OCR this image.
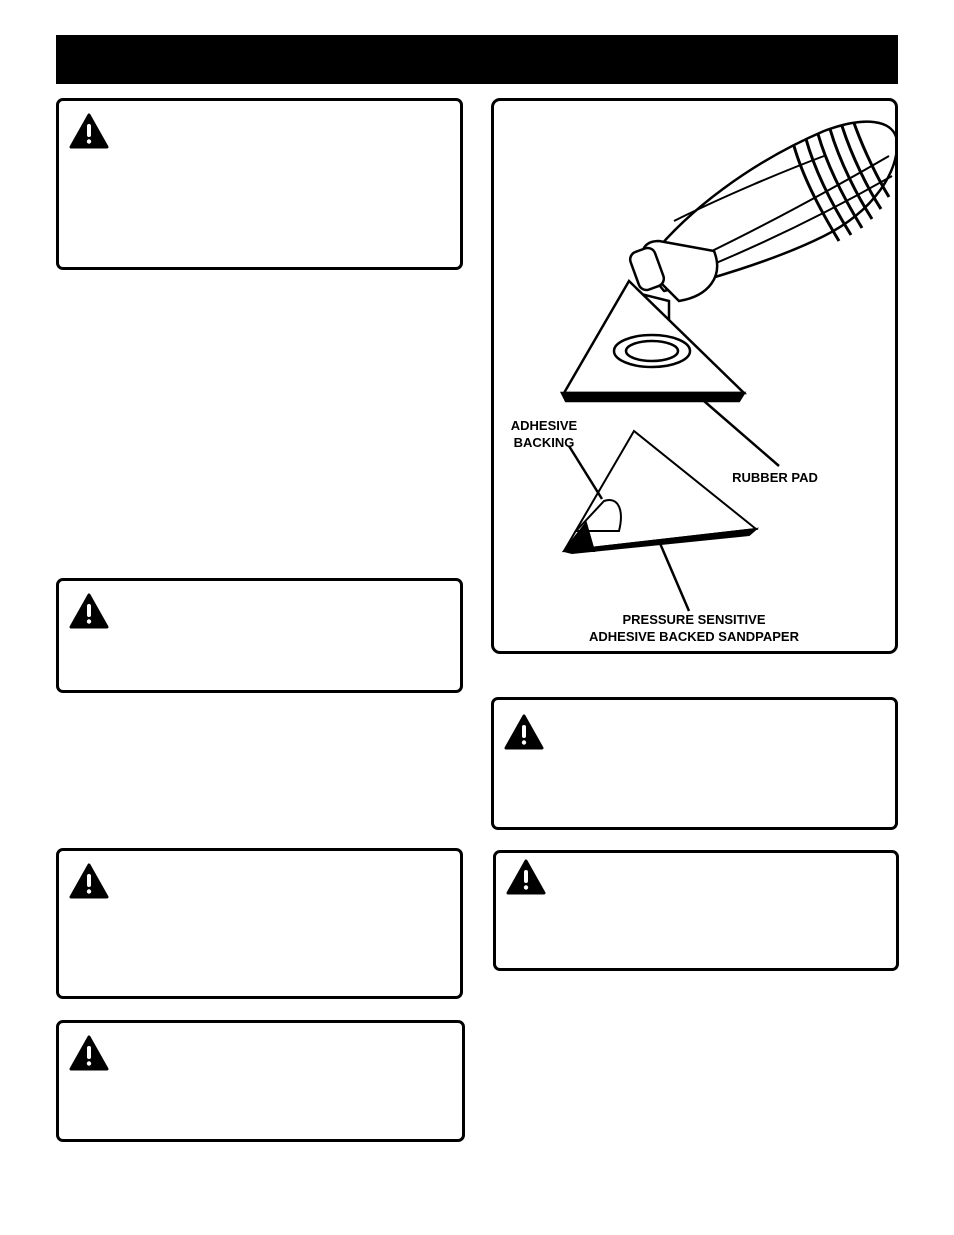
ADHESIVE
BACKING
RUBBER PAD
PRESSURE SENSITIVE
ADHESIVE BACKED SANDPAPER
